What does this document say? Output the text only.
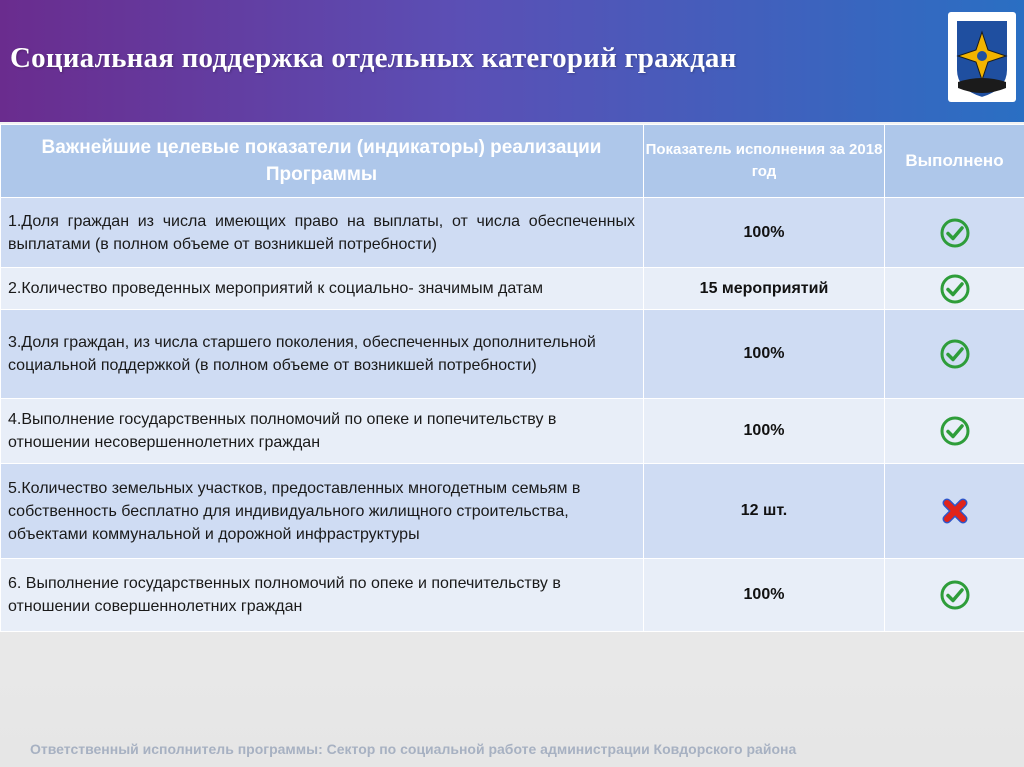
Социальная поддержка отдельных категорий граждан
Важнейшие целевые показатели (индикаторы) реализации Программы	Показатель исполнения за 2018 год	Выполнено
1.Доля граждан из числа имеющих право на выплаты, от числа обеспеченных выплатами (в полном объеме от возникшей потребности)	100%	
2.Количество проведенных мероприятий к социально- значимым датам	15 мероприятий	
3.Доля граждан, из числа старшего поколения, обеспеченных дополнительной социальной поддержкой (в полном объеме от возникшей потребности)	100%	
4.Выполнение государственных полномочий по опеке и попечительству в отношении несовершеннолетних граждан	100%	
5.Количество земельных участков, предоставленных многодетным семьям в собственность бесплатно для индивидуального жилищного строительства, объектами коммунальной и дорожной инфраструктуры	12 шт.	
6. Выполнение государственных полномочий по опеке и попечительству в отношении совершеннолетних граждан	100%	
Ответственный исполнитель программы: Сектор по социальной работе администрации Ковдорского района
